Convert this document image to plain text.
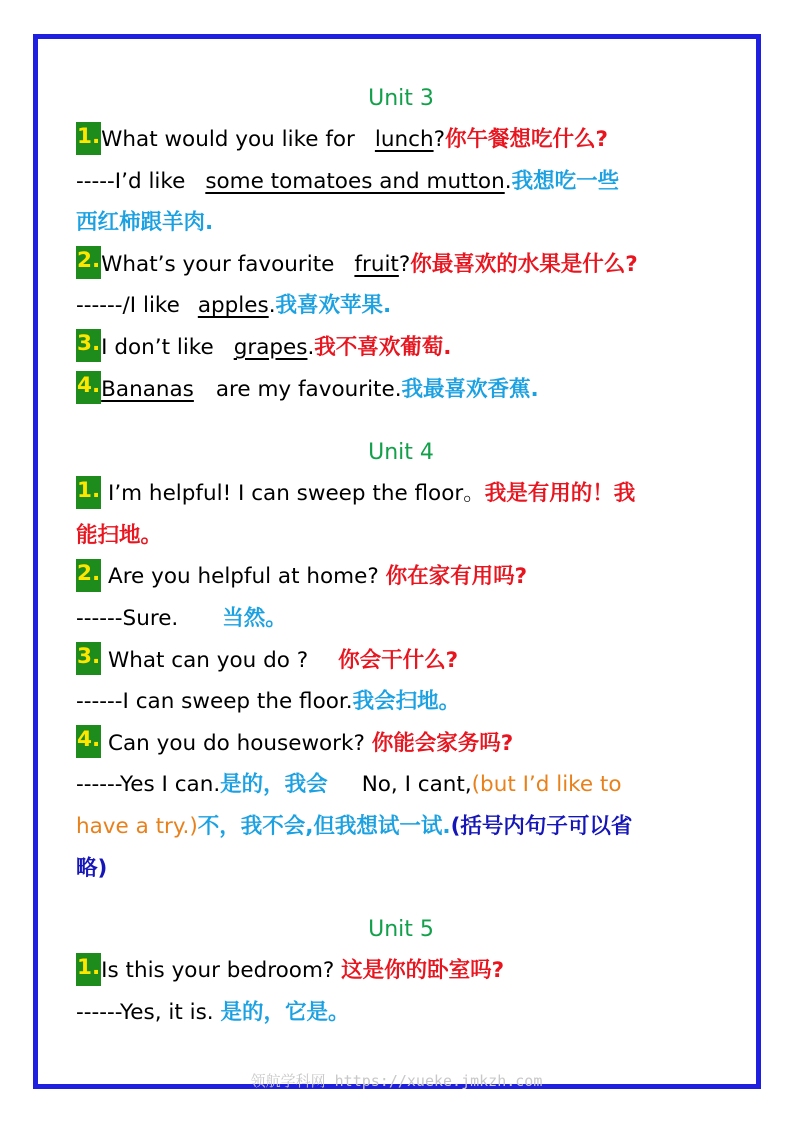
Unit 3
1.What would you like for lunch?你午餐想吃什么?
-----I’d like some tomatoes and mutton.我想吃一些
西红柿跟羊肉.
2.What’s your favourite fruit?你最喜欢的水果是什么?
------/I like apples.我喜欢苹果.
3.I don’t like grapes.我不喜欢葡萄.
4.Bananas are my favourite.我最喜欢香蕉.
Unit 4
1. I’m helpful! I can sweep the floor。我是有用的！我
能扫地。
2. Are you helpful at home? 你在家有用吗?
------Sure. 当然。
3. What can you do ? 你会干什么?
------I can sweep the floor.我会扫地。
4. Can you do housework? 你能会家务吗?
------Yes I can.是的，我会 No, I cant,(but I’d like to
have a try.)不，我不会,但我想试一试.(括号内句子可以省
略)
Unit 5
1.Is this your bedroom? 这是你的卧室吗?
------Yes, it is. 是的，它是。
领航学科网 https://xueke.jmkzh.com
